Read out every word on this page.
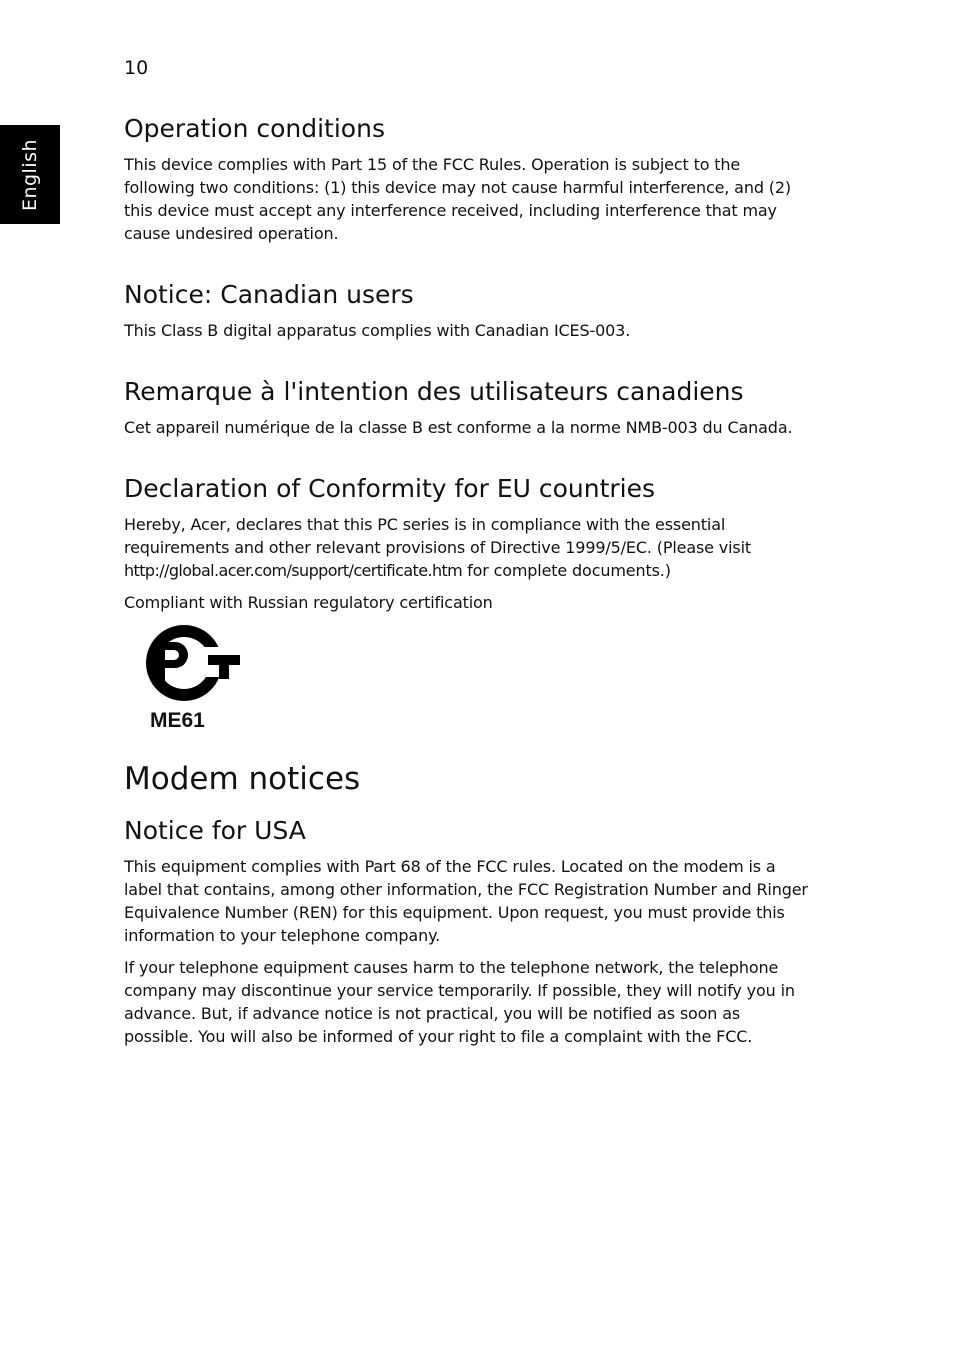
10
English
Operation conditions

This device complies with Part 15 of the FCC Rules. Operation is subject to the following two conditions: (1) this device may not cause harmful interference, and (2) this device must accept any interference received, including interference that may cause undesired operation.

Notice: Canadian users

This Class B digital apparatus complies with Canadian ICES-003.

Remarque à l'intention des utilisateurs canadiens

Cet appareil numérique de la classe B est conforme a la norme NMB-003 du Canada.

Declaration of Conformity for EU countries

Hereby, Acer, declares that this PC series is in compliance with the essential requirements and other relevant provisions of Directive 1999/5/EC. (Please visit http://global.acer.com/support/certificate.htm for complete documents.)

Compliant with Russian regulatory certification

ME61
Modem notices
Notice for USA

This equipment complies with Part 68 of the FCC rules. Located on the modem is a label that contains, among other information, the FCC Registration Number and Ringer Equivalence Number (REN) for this equipment. Upon request, you must provide this information to your telephone company.

If your telephone equipment causes harm to the telephone network, the telephone company may discontinue your service temporarily. If possible, they will notify you in advance. But, if advance notice is not practical, you will be notified as soon as possible. You will also be informed of your right to file a complaint with the FCC.
